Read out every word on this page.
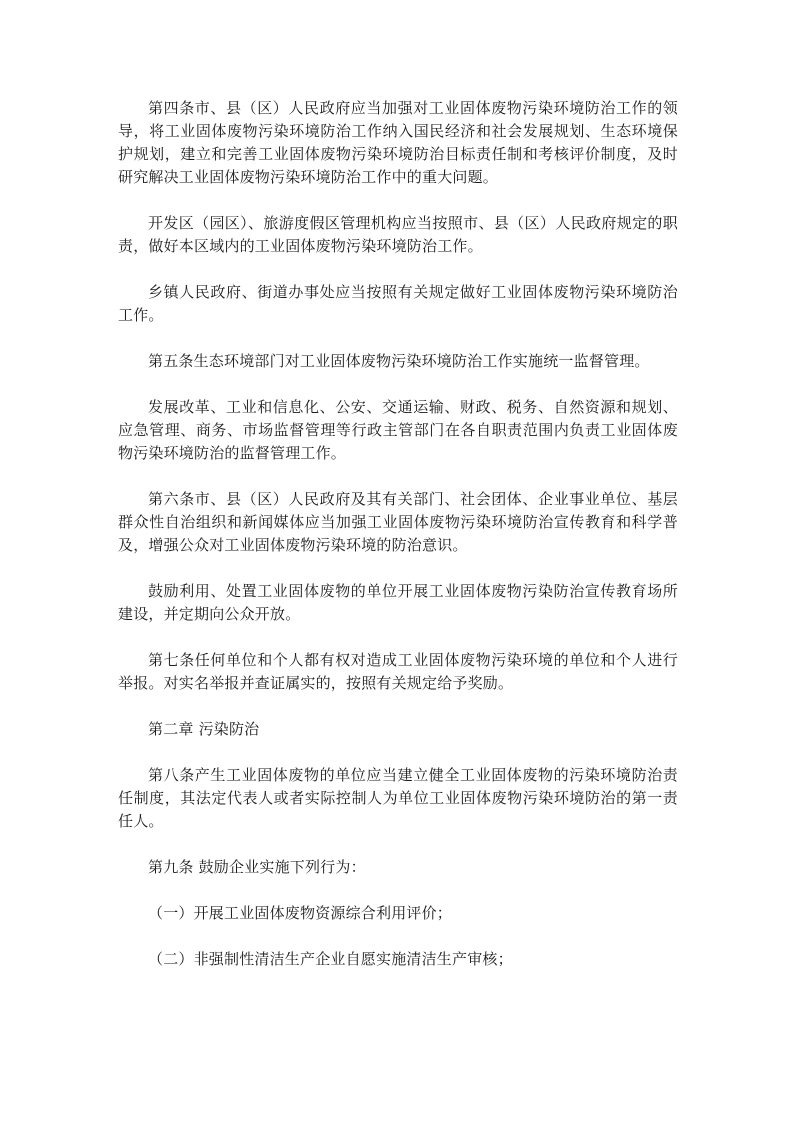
第四条市、县（区）人民政府应当加强对工业固体废物污染环境防治工作的领导，将工业固体废物污染环境防治工作纳入国民经济和社会发展规划、生态环境保护规划，建立和完善工业固体废物污染环境防治目标责任制和考核评价制度，及时研究解决工业固体废物污染环境防治工作中的重大问题。

开发区（园区）、旅游度假区管理机构应当按照市、县（区）人民政府规定的职责，做好本区域内的工业固体废物污染环境防治工作。

乡镇人民政府、街道办事处应当按照有关规定做好工业固体废物污染环境防治工作。

第五条生态环境部门对工业固体废物污染环境防治工作实施统一监督管理。

发展改革、工业和信息化、公安、交通运输、财政、税务、自然资源和规划、应急管理、商务、市场监督管理等行政主管部门在各自职责范围内负责工业固体废物污染环境防治的监督管理工作。

第六条市、县（区）人民政府及其有关部门、社会团体、企业事业单位、基层群众性自治组织和新闻媒体应当加强工业固体废物污染环境防治宣传教育和科学普及，增强公众对工业固体废物污染环境的防治意识。

鼓励利用、处置工业固体废物的单位开展工业固体废物污染防治宣传教育场所建设，并定期向公众开放。

第七条任何单位和个人都有权对造成工业固体废物污染环境的单位和个人进行举报。对实名举报并查证属实的，按照有关规定给予奖励。

第二章 污染防治

第八条产生工业固体废物的单位应当建立健全工业固体废物的污染环境防治责任制度，其法定代表人或者实际控制人为单位工业固体废物污染环境防治的第一责任人。

第九条 鼓励企业实施下列行为：

（一）开展工业固体废物资源综合利用评价；

（二）非强制性清洁生产企业自愿实施清洁生产审核；
